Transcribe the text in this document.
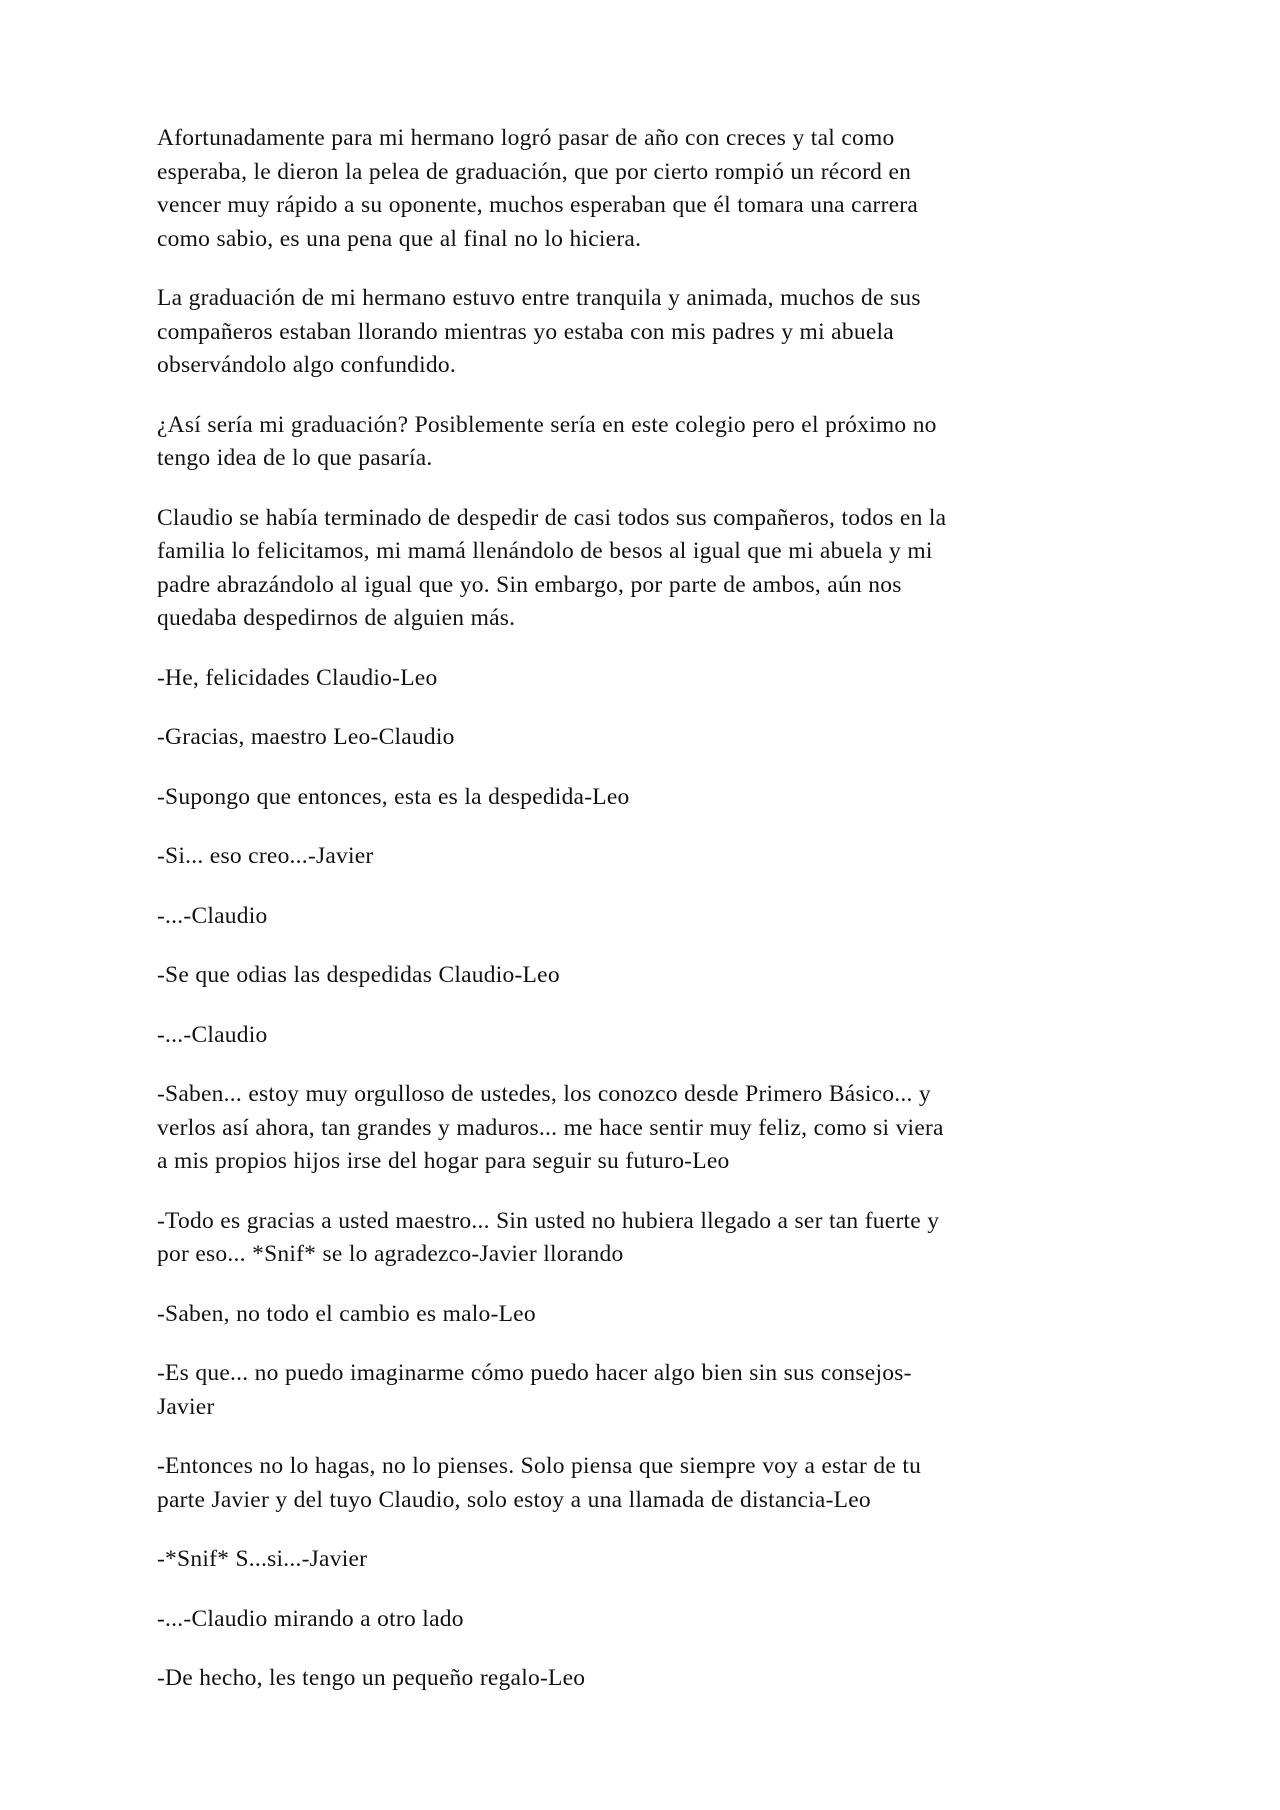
Afortunadamente para mi hermano logró pasar de año con creces y tal como esperaba, le dieron la pelea de graduación, que por cierto rompió un récord en vencer muy rápido a su oponente, muchos esperaban que él tomara una carrera como sabio, es una pena que al final no lo hiciera.

La graduación de mi hermano estuvo entre tranquila y animada, muchos de sus compañeros estaban llorando mientras yo estaba con mis padres y mi abuela observándolo algo confundido.

¿Así sería mi graduación? Posiblemente sería en este colegio pero el próximo no tengo idea de lo que pasaría.

Claudio se había terminado de despedir de casi todos sus compañeros, todos en la familia lo felicitamos, mi mamá llenándolo de besos al igual que mi abuela y mi padre abrazándolo al igual que yo. Sin embargo, por parte de ambos, aún nos quedaba despedirnos de alguien más.

-He, felicidades Claudio-Leo

-Gracias, maestro Leo-Claudio

-Supongo que entonces, esta es la despedida-Leo

-Si... eso creo...-Javier

-...-Claudio

-Se que odias las despedidas Claudio-Leo

-...-Claudio

-Saben... estoy muy orgulloso de ustedes, los conozco desde Primero Básico... y verlos así ahora, tan grandes y maduros... me hace sentir muy feliz, como si viera a mis propios hijos irse del hogar para seguir su futuro-Leo

-Todo es gracias a usted maestro... Sin usted no hubiera llegado a ser tan fuerte y por eso... *Snif* se lo agradezco-Javier llorando

-Saben, no todo el cambio es malo-Leo

-Es que... no puedo imaginarme cómo puedo hacer algo bien sin sus consejos-Javier

-Entonces no lo hagas, no lo pienses. Solo piensa que siempre voy a estar de tu parte Javier y del tuyo Claudio, solo estoy a una llamada de distancia-Leo

-*Snif* S...si...-Javier

-...-Claudio mirando a otro lado

-De hecho, les tengo un pequeño regalo-Leo
